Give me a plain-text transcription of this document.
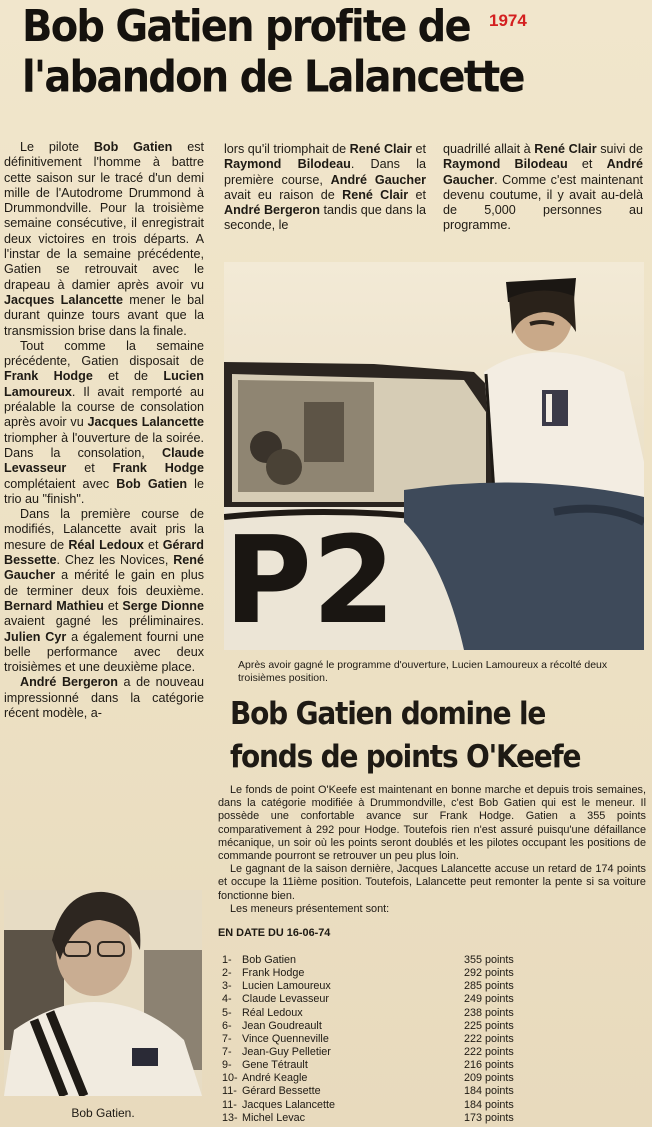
Bob Gatien profite de
l'abandon de Lalancette
1974

Le pilote Bob Gatien est définitivement l'homme à battre cette saison sur le tracé d'un demi mille de l'Autodrome Drummond à Drummondville. Pour la troisième semaine consécutive, il enregistrait deux victoires en trois départs. A l'instar de la semaine précédente, Gatien se retrouvait avec le drapeau à damier après avoir vu Jacques Lalancette mener le bal durant quinze tours avant que la transmission brise dans la finale.

Tout comme la semaine précédente, Gatien disposait de Frank Hodge et de Lucien Lamoureux. Il avait remporté au préalable la course de consolation après avoir vu Jacques Lalancette triompher à l'ouverture de la soirée. Dans la consolation, Claude Levasseur et Frank Hodge complétaient avec Bob Gatien le trio au "finish".

Dans la première course de modifiés, Lalancette avait pris la mesure de Réal Ledoux et Gérard Bessette. Chez les Novices, René Gaucher a mérité le gain en plus de terminer deux fois deuxième. Bernard Mathieu et Serge Dionne avaient gagné les préliminaires. Julien Cyr a également fourni une belle performance avec deux troisièmes et une deuxième place.

André Bergeron a de nouveau impressionné dans la catégorie récent modèle, a-

lors qu'il triomphait de René Clair et Raymond Bilodeau. Dans la première course, André Gaucher avait eu raison de René Clair et André Bergeron tandis que dans la seconde, le

quadrillé allait à René Clair suivi de Raymond Bilodeau et André Gaucher. Comme c'est maintenant devenu coutume, il y avait au-delà de 5,000 personnes au programme.

P2
Après avoir gagné le programme d'ouverture, Lucien Lamoureux a récolté deux troisièmes position.
Bob Gatien domine le
fonds de points O'Keefe

Le fonds de point O'Keefe est maintenant en bonne marche et depuis trois semaines, dans la catégorie modifiée à Drummondville, c'est Bob Gatien qui est le meneur. Il possède une confortable avance sur Frank Hodge. Gatien a 355 points comparativement à 292 pour Hodge. Toutefois rien n'est assuré puisqu'une défaillance mécanique, un soir où les points seront doublés et les pilotes occupant les positions de commande pourront se retrouver un peu plus loin.

Le gagnant de la saison dernière, Jacques Lalancette accuse un retard de 174 points et occupe la 11ième position. Toutefois, Lalancette peut remonter la pente si sa voiture fonctionne bien.

Les meneurs présentement sont:

EN DATE DU 16-06-74
1- Bob Gatien	355 points
2- Frank Hodge	292 points
3- Lucien Lamoureux	285 points
4- Claude Levasseur	249 points
5- Réal Ledoux	238 points
6- Jean Goudreault	225 points
7- Vince Quenneville	222 points
7- Jean-Guy Pelletier	222 points
9- Gene Tétrault	216 points
10- André Keagle	209 points
11- Gérard Bessette	184 points
11- Jacques Lalancette	184 points
13- Michel Levac	173 points
Bob Gatien.
